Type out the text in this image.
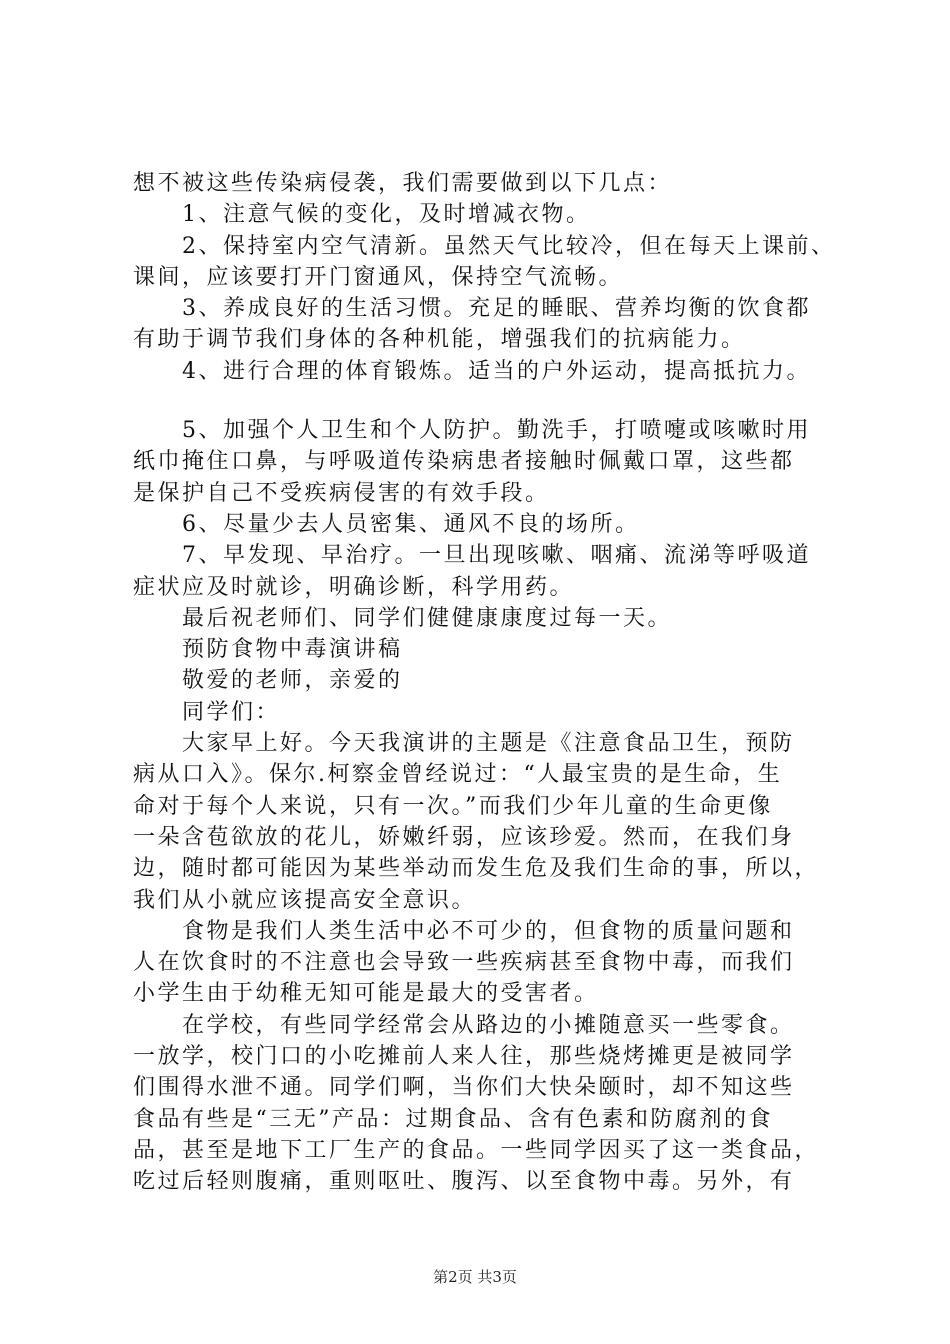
想不被这些传染病侵袭，我们需要做到以下几点：
　　1、注意气候的变化，及时增减衣物。
　　2、保持室内空气清新。虽然天气比较冷，但在每天上课前、
课间，应该要打开门窗通风，保持空气流畅。
　　3、养成良好的生活习惯。充足的睡眠、营养均衡的饮食都
有助于调节我们身体的各种机能，增强我们的抗病能力。
　　4、进行合理的体育锻炼。适当的户外运动，提高抵抗力。
　　5、加强个人卫生和个人防护。勤洗手，打喷嚏或咳嗽时用
纸巾掩住口鼻，与呼吸道传染病患者接触时佩戴口罩，这些都
是保护自己不受疾病侵害的有效手段。
　　6、尽量少去人员密集、通风不良的场所。
　　7、早发现、早治疗。一旦出现咳嗽、咽痛、流涕等呼吸道
症状应及时就诊，明确诊断，科学用药。
　　最后祝老师们、同学们健健康康度过每一天。
　　预防食物中毒演讲稿
　　敬爱的老师，亲爱的
　　同学们：
　　大家早上好。今天我演讲的主题是《注意食品卫生，预防
病从口入》。保尔.柯察金曾经说过：“人最宝贵的是生命，生
命对于每个人来说，只有一次。”而我们少年儿童的生命更像
一朵含苞欲放的花儿，娇嫩纤弱，应该珍爱。然而，在我们身
边，随时都可能因为某些举动而发生危及我们生命的事，所以，
我们从小就应该提高安全意识。
　　食物是我们人类生活中必不可少的，但食物的质量问题和
人在饮食时的不注意也会导致一些疾病甚至食物中毒，而我们
小学生由于幼稚无知可能是最大的受害者。
　　在学校，有些同学经常会从路边的小摊随意买一些零食。
一放学，校门口的小吃摊前人来人往，那些烧烤摊更是被同学
们围得水泄不通。同学们啊，当你们大快朵颐时，却不知这些
食品有些是“三无”产品：过期食品、含有色素和防腐剂的食
品，甚至是地下工厂生产的食品。一些同学因买了这一类食品，
吃过后轻则腹痛，重则呕吐、腹泻、以至食物中毒。另外，有
第2页 共3页
